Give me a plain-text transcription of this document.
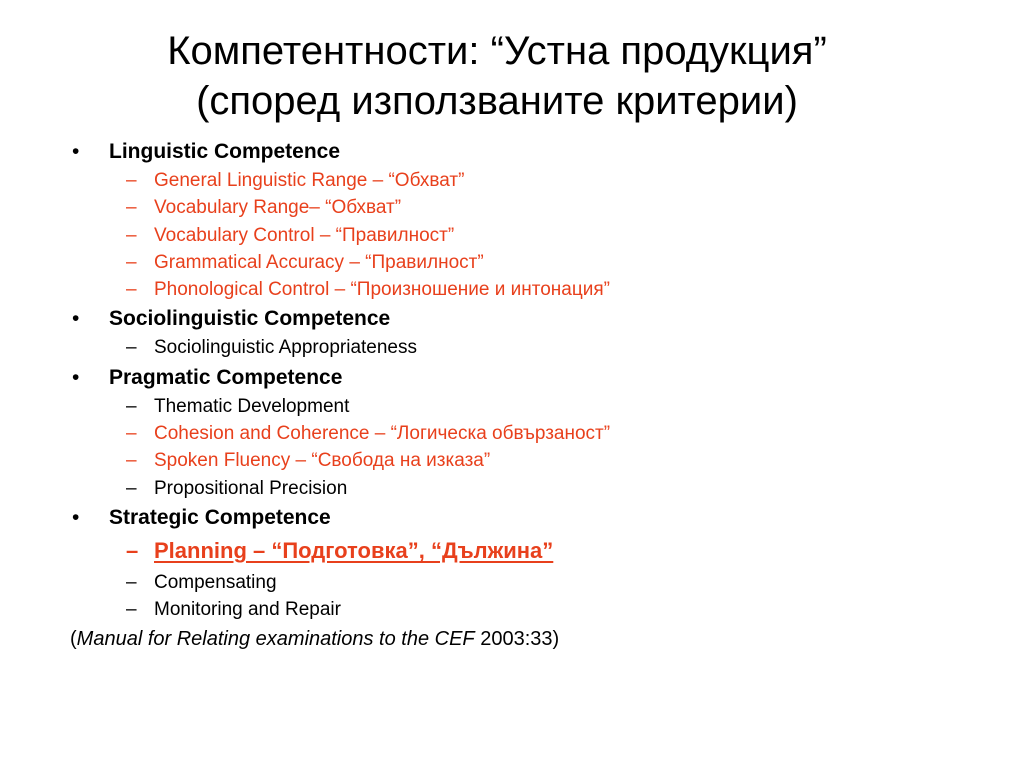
Компетентности: “Устна продукция”
(според използваните критерии)
• Linguistic Competence
– General Linguistic Range – “Обхват”
– Vocabulary Range– “Обхват”
– Vocabulary Control – “Правилност”
– Grammatical Accuracy – “Правилност”
– Phonological Control – “Произношение и интонация”
• Sociolinguistic Competence
– Sociolinguistic Appropriateness
• Pragmatic Competence
– Thematic Development
– Cohesion and Coherence – “Логическа обвързаност”
– Spoken Fluency – “Свобода на изказа”
– Propositional Precision
• Strategic Competence
– Planning – “Подготовка”, “Дължина”
– Compensating
– Monitoring and Repair
(Manual for Relating examinations to the CEF 2003:33)
